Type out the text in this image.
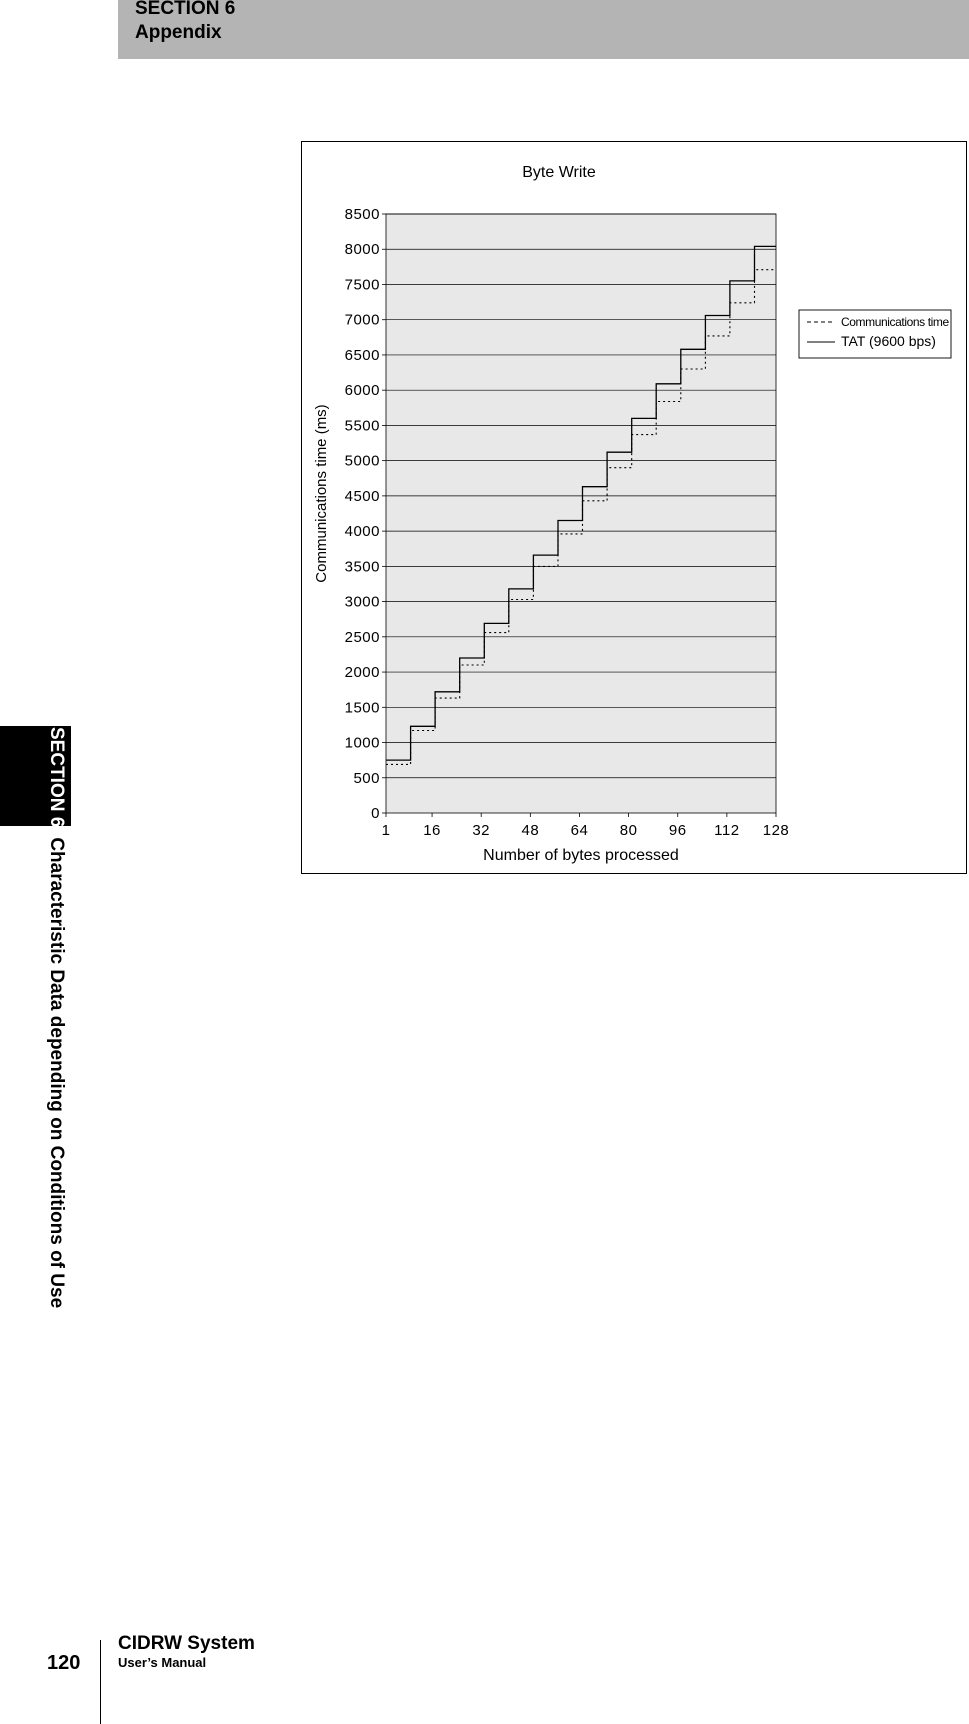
SECTION 6
Appendix
SECTION 6Characteristic Data depending on Conditions of Use
0
500
1000
1500
2000
2500
3000
3500
4000
4500
5000
5500
6000
6500
7000
7500
8000
8500
1 16 32 48 64 80 96 112 128
Byte Write
Number of bytes processed
Communications time (ms)
Communications time
TAT (9600 bps)
120
CIDRW System
User’s Manual
